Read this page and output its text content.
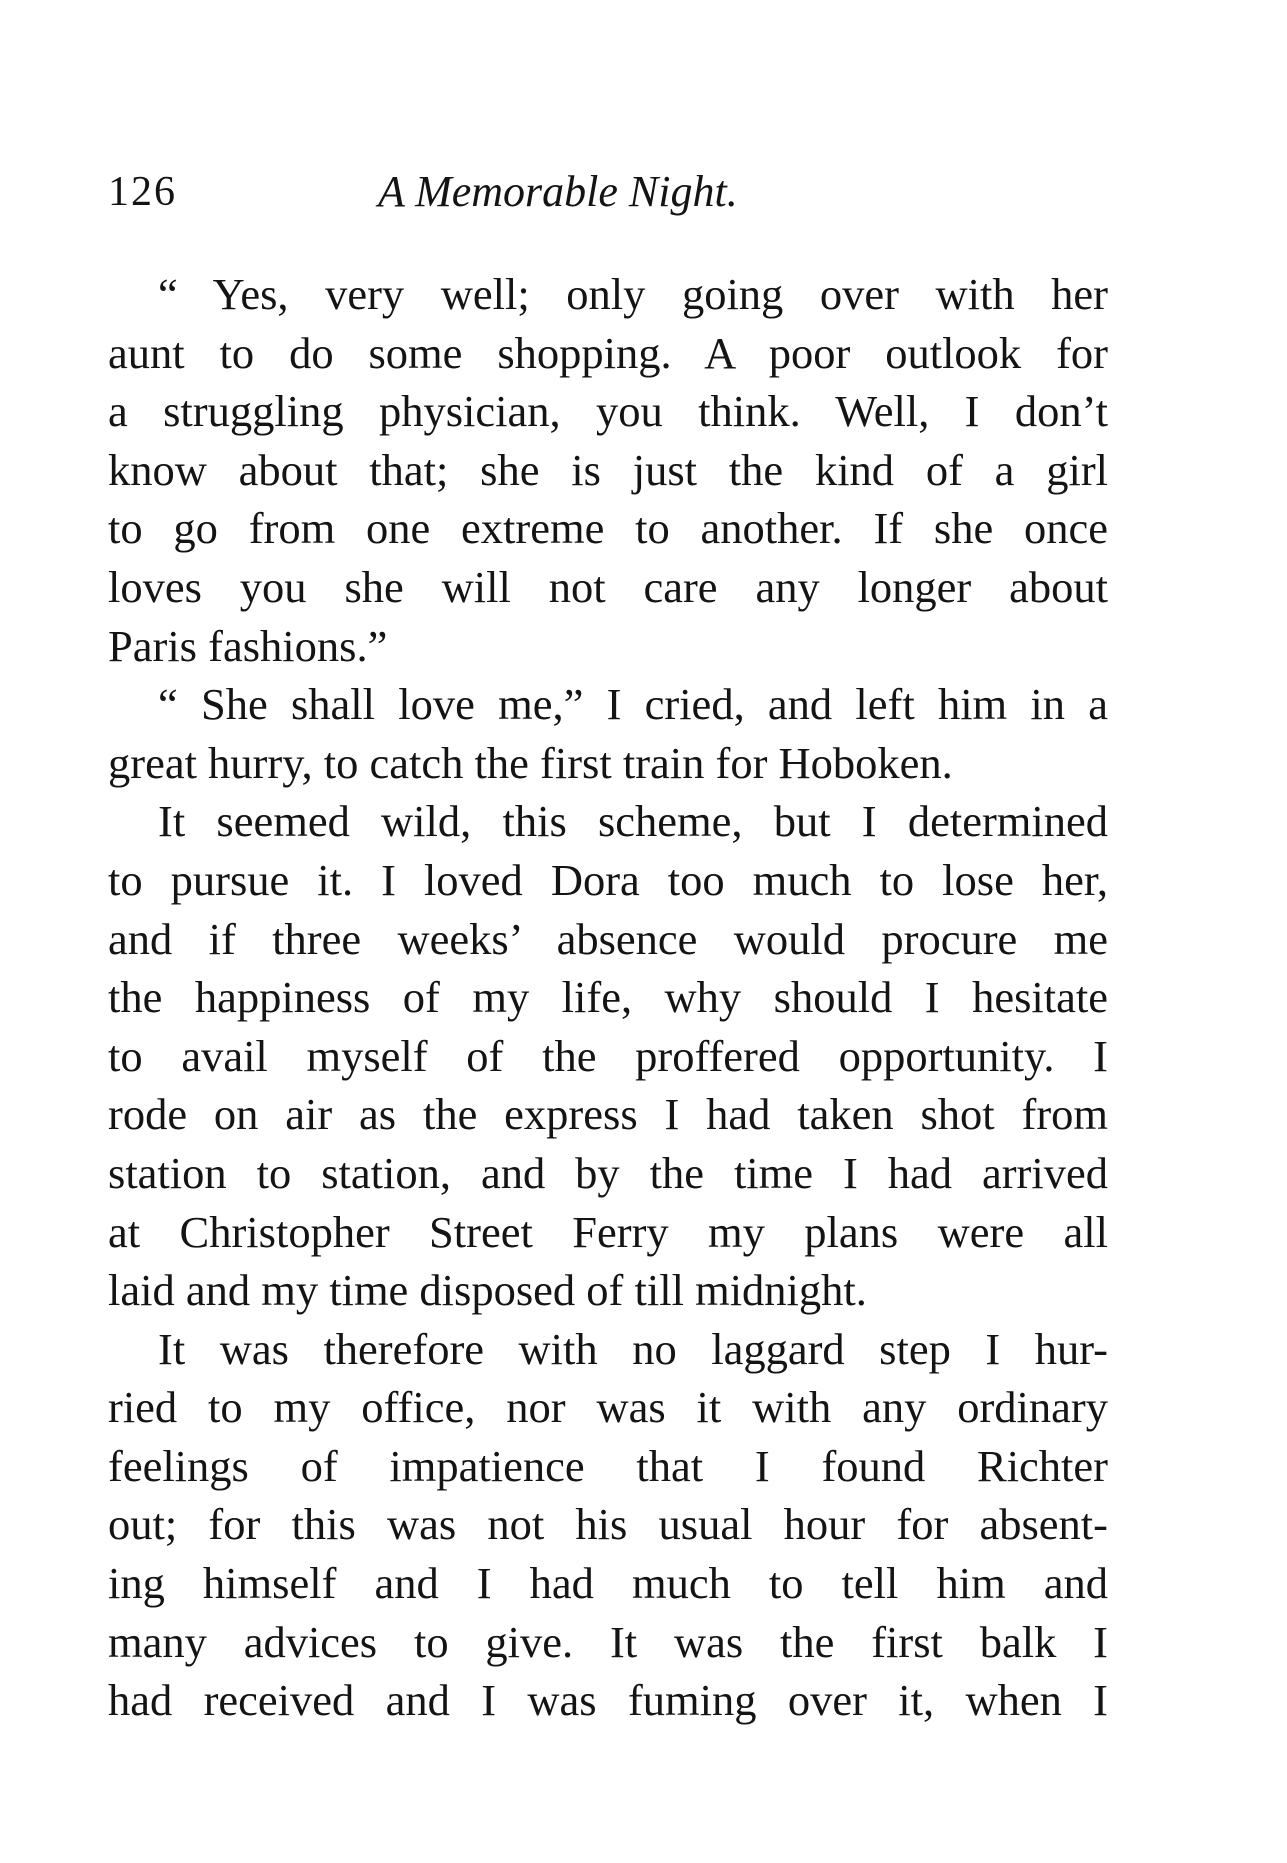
126	A Memorable Night.
“ Yes, very well; only going over with her
aunt to do some shopping. A poor outlook for
a struggling physician, you think. Well, I don’t
know about that; she is just the kind of a girl
to go from one extreme to another. If she once
loves you she will not care any longer about
Paris fashions.”
“ She shall love me,” I cried, and left him in a
great hurry, to catch the first train for Hoboken.
It seemed wild, this scheme, but I determined
to pursue it. I loved Dora too much to lose her,
and if three weeks’ absence would procure me
the happiness of my life, why should I hesitate
to avail myself of the proffered opportunity. I
rode on air as the express I had taken shot from
station to station, and by the time I had arrived
at Christopher Street Ferry my plans were all
laid and my time disposed of till midnight.
It was therefore with no laggard step I hur-
ried to my office, nor was it with any ordinary
feelings of impatience that I found Richter
out; for this was not his usual hour for absent-
ing himself and I had much to tell him and
many advices to give. It was the first balk I
had received and I was fuming over it, when I
